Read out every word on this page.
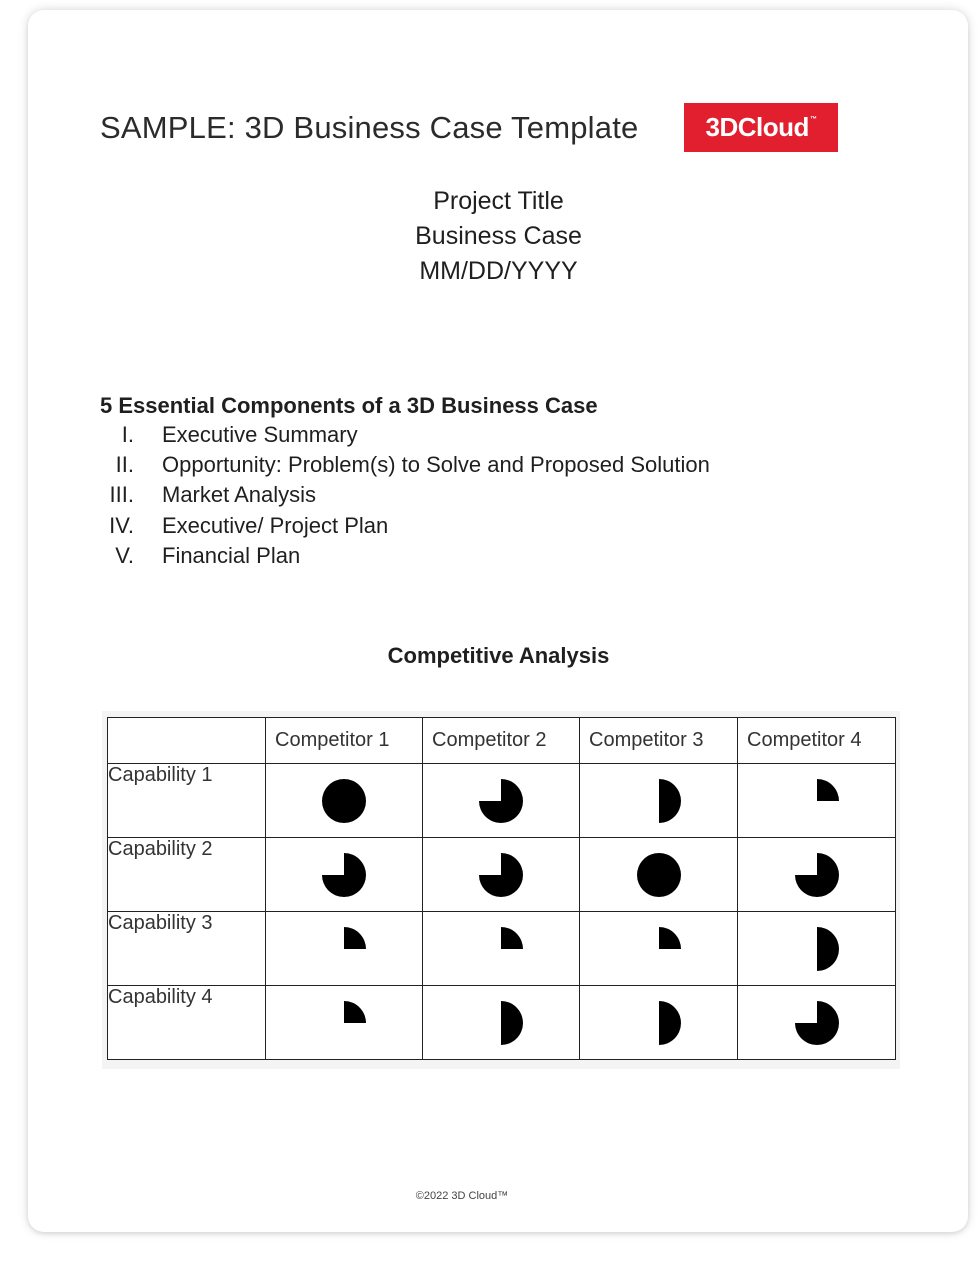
SAMPLE: 3D Business Case Template	3DCloud ™
Project Title
Business Case
MM/DD/YYYY
5 Essential Components of a 3D Business Case
I. Executive Summary
II. Opportunity: Problem(s) to Solve and Proposed Solution
III. Market Analysis
IV. Executive/ Project Plan
V. Financial Plan
Competitive Analysis
	Competitor 1	Competitor 2	Competitor 3	Competitor 4
Capability 1	

Capability 2	

Capability 3	

Capability 4	

©2022 3D Cloud™
